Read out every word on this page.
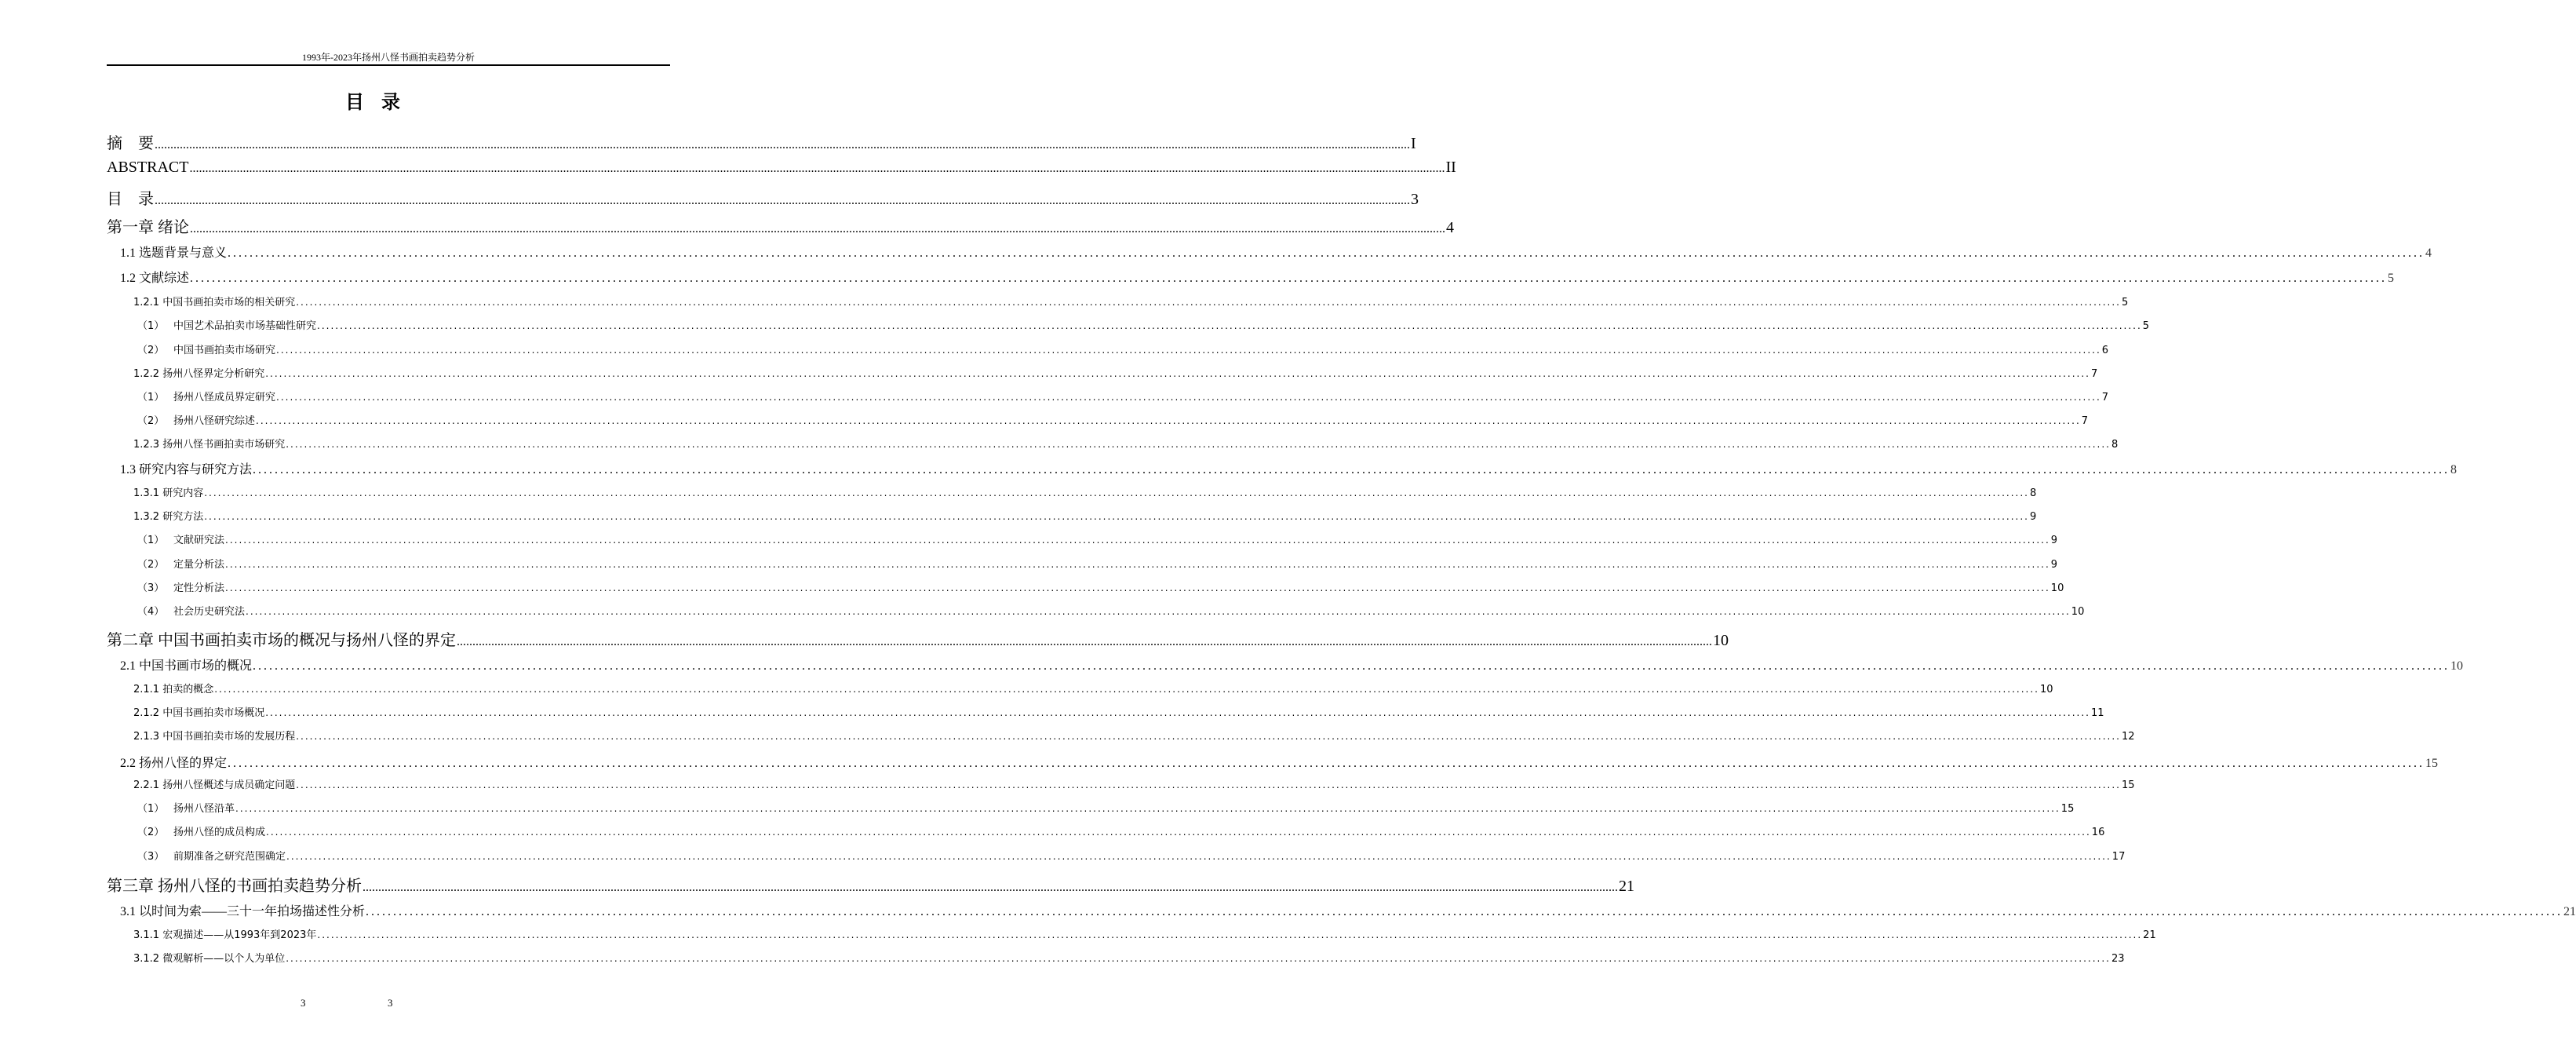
1993年-2023年扬州八怪书画拍卖趋势分析
目录
摘　要 ................................................................................................................................................................................................................................................................................................................................................................................................................ I
ABSTRACT ................................................................................................................................................................................................................................................................................................................................................................................................................ II
目　录 ................................................................................................................................................................................................................................................................................................................................................................................................................ 3
第一章 绪论 ................................................................................................................................................................................................................................................................................................................................................................................................................ 4
1.1 选题背景与意义 ................................................................................................................................................................................................................................................................................................................................................................................................................ 4
1.2 文献综述 ................................................................................................................................................................................................................................................................................................................................................................................................................ 5
1.2.1 中国书画拍卖市场的相关研究 ................................................................................................................................................................................................................................................................................................................................................................................................................ 5
（1） 中国艺术品拍卖市场基础性研究 ................................................................................................................................................................................................................................................................................................................................................................................................................ 5
（2） 中国书画拍卖市场研究 ................................................................................................................................................................................................................................................................................................................................................................................................................ 6
1.2.2 扬州八怪界定分析研究 ................................................................................................................................................................................................................................................................................................................................................................................................................ 7
（1） 扬州八怪成员界定研究 ................................................................................................................................................................................................................................................................................................................................................................................................................ 7
（2） 扬州八怪研究综述 ................................................................................................................................................................................................................................................................................................................................................................................................................ 7
1.2.3 扬州八怪书画拍卖市场研究 ................................................................................................................................................................................................................................................................................................................................................................................................................ 8
1.3 研究内容与研究方法 ................................................................................................................................................................................................................................................................................................................................................................................................................ 8
1.3.1 研究内容 ................................................................................................................................................................................................................................................................................................................................................................................................................ 8
1.3.2 研究方法 ................................................................................................................................................................................................................................................................................................................................................................................................................ 9
（1） 文献研究法 ................................................................................................................................................................................................................................................................................................................................................................................................................ 9
（2） 定量分析法 ................................................................................................................................................................................................................................................................................................................................................................................................................ 9
（3） 定性分析法 ................................................................................................................................................................................................................................................................................................................................................................................................................ 10
（4） 社会历史研究法 ................................................................................................................................................................................................................................................................................................................................................................................................................ 10
第二章 中国书画拍卖市场的概况与扬州八怪的界定 ................................................................................................................................................................................................................................................................................................................................................................................................................ 10
2.1 中国书画市场的概况 ................................................................................................................................................................................................................................................................................................................................................................................................................ 10
2.1.1 拍卖的概念 ................................................................................................................................................................................................................................................................................................................................................................................................................ 10
2.1.2 中国书画拍卖市场概况 ................................................................................................................................................................................................................................................................................................................................................................................................................ 11
2.1.3 中国书画拍卖市场的发展历程 ................................................................................................................................................................................................................................................................................................................................................................................................................ 12
2.2 扬州八怪的界定 ................................................................................................................................................................................................................................................................................................................................................................................................................ 15
2.2.1 扬州八怪概述与成员确定问题 ................................................................................................................................................................................................................................................................................................................................................................................................................ 15
（1） 扬州八怪沿革 ................................................................................................................................................................................................................................................................................................................................................................................................................ 15
（2） 扬州八怪的成员构成 ................................................................................................................................................................................................................................................................................................................................................................................................................ 16
（3） 前期准备之研究范围确定 ................................................................................................................................................................................................................................................................................................................................................................................................................ 17
第三章 扬州八怪的书画拍卖趋势分析 ................................................................................................................................................................................................................................................................................................................................................................................................................ 21
3.1 以时间为索——三十一年拍场描述性分析 ................................................................................................................................................................................................................................................................................................................................................................................................................ 21
3.1.1 宏观描述——从1993年到2023年 ................................................................................................................................................................................................................................................................................................................................................................................................................ 21
3.1.2 微观解析——以个人为单位 ................................................................................................................................................................................................................................................................................................................................................................................................................ 23
3	3
